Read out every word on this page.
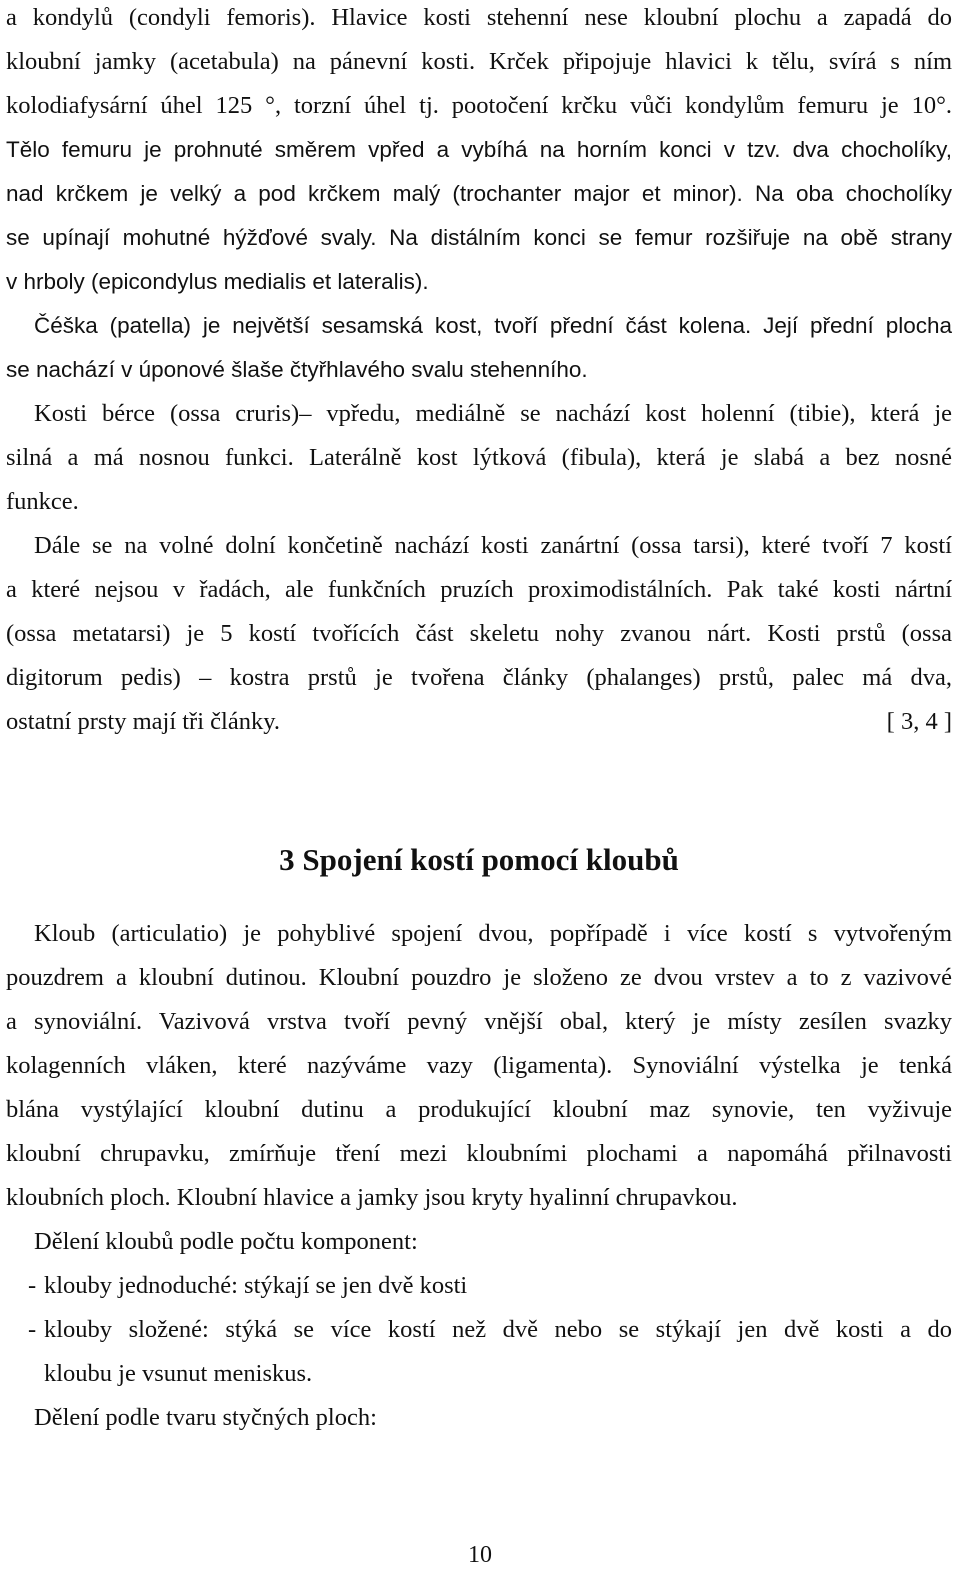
a kondylů (condyli femoris). Hlavice kosti stehenní nese kloubní plochu a zapadá do
kloubní jamky (acetabula) na pánevní kosti. Krček připojuje hlavici k tělu, svírá s ním
kolodiafysární úhel 125 °, torzní úhel tj. pootočení krčku vůči kondylům femuru je 10°.
Tělo femuru je prohnuté směrem vpřed a vybíhá na horním konci v tzv. dva chocholíky,
nad krčkem je velký a pod krčkem malý (trochanter major et minor). Na oba chocholíky
se upínají mohutné hýžďové svaly. Na distálním konci se femur rozšiřuje na obě strany
v hrboly (epicondylus medialis et lateralis).
Čéška (patella) je největší sesamská kost, tvoří přední část kolena. Její přední plocha
se nachází v úponové šlaše čtyřhlavého svalu stehenního.
Kosti bérce (ossa cruris)– vpředu, mediálně se nachází kost holenní (tibie), která je
silná a má nosnou funkci. Laterálně kost lýtková (fibula), která je slabá a bez nosné
funkce.
Dále se na volné dolní končetině nachází kosti zanártní (ossa tarsi), které tvoří 7 kostí
a které nejsou v řadách, ale funkčních pruzích proximodistálních. Pak také kosti nártní
(ossa metatarsi) je 5 kostí tvořících část skeletu nohy zvanou nárt. Kosti prstů (ossa
digitorum pedis) – kostra prstů je tvořena články (phalanges) prstů, palec má dva,
ostatní prsty mají tři články.	[ 3, 4 ]
3 Spojení kostí pomocí kloubů
Kloub (articulatio) je pohyblivé spojení dvou, popřípadě i více kostí s vytvořeným
pouzdrem a kloubní dutinou. Kloubní pouzdro je složeno ze dvou vrstev a to z vazivové
a synoviální. Vazivová vrstva tvoří pevný vnější obal, který je místy zesílen svazky
kolagenních vláken, které nazýváme vazy (ligamenta). Synoviální výstelka je tenká
blána vystýlající kloubní dutinu a produkující kloubní maz synovie, ten vyživuje
kloubní chrupavku, zmírňuje tření mezi kloubními plochami a napomáhá přilnavosti
kloubních ploch. Kloubní hlavice a jamky jsou kryty hyalinní chrupavkou.
Dělení kloubů podle počtu komponent:
- klouby jednoduché: stýkají se jen dvě kosti
- klouby složené: stýká se více kostí než dvě nebo se stýkají jen dvě kosti a do
kloubu je vsunut meniskus.
Dělení podle tvaru styčných ploch:
10
